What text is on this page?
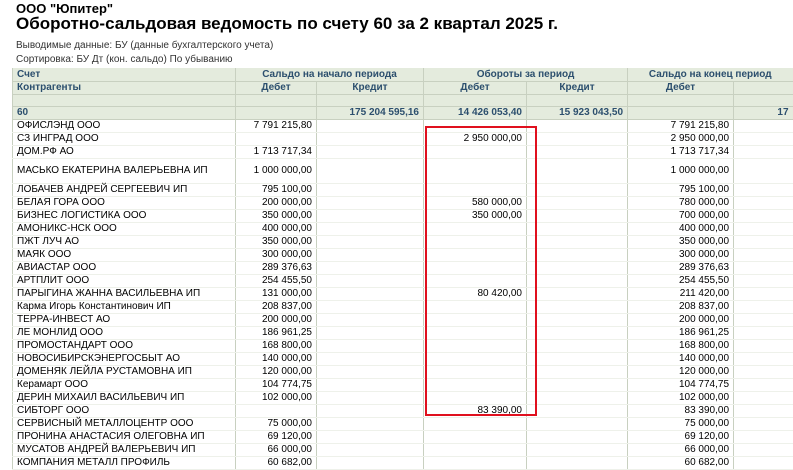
ООО "Юпитер"
Оборотно-сальдовая ведомость по счету 60 за 2 квартал 2025 г.
Выводимые данные: БУ (данные бухгалтерского учета)
Сортировка: БУ Дт (кон. сальдо) По убыванию
Счет	Сальдо на начало периода		Обороты за период		Сальдо на конец период	
Контрагенты	Дебет	Кредит	Дебет	Кредит	Дебет	

60		175 204 595,16	14 426 053,40	15 923 043,50		17
ОФИСЛЭНД ООО	7 791 215,80				7 791 215,80	
СЗ ИНГРАД ООО			2 950 000,00		2 950 000,00	
ДОМ.РФ АО	1 713 717,34				1 713 717,34	
МАСЬКО ЕКАТЕРИНА ВАЛЕРЬЕВНА ИП	1 000 000,00				1 000 000,00	
ЛОБАЧЕВ АНДРЕЙ СЕРГЕЕВИЧ ИП	795 100,00				795 100,00	
БЕЛАЯ ГОРА ООО	200 000,00		580 000,00		780 000,00	
БИЗНЕС ЛОГИСТИКА ООО	350 000,00		350 000,00		700 000,00	
АМОНИКС-НСК ООО	400 000,00				400 000,00	
ПЖТ ЛУЧ АО	350 000,00				350 000,00	
МАЯК ООО	300 000,00				300 000,00	
АВИАСТАР ООО	289 376,63				289 376,63	
АРТПЛИТ ООО	254 455,50				254 455,50	
ПАРЫГИНА ЖАННА ВАСИЛЬЕВНА ИП	131 000,00		80 420,00		211 420,00	
Карма Игорь Константинович ИП	208 837,00				208 837,00	
ТЕРРА-ИНВЕСТ АО	200 000,00				200 000,00	
ЛЕ МОНЛИД ООО	186 961,25				186 961,25	
ПРОМОСТАНДАРТ ООО	168 800,00				168 800,00	
НОВОСИБИРСКЭНЕРГОСБЫТ АО	140 000,00				140 000,00	
ДОМЕНЯК ЛЕЙЛА РУСТАМОВНА ИП	120 000,00				120 000,00	
Керамарт ООО	104 774,75				104 774,75	
ДЕРИН МИХАИЛ ВАСИЛЬЕВИЧ ИП	102 000,00				102 000,00	
СИБТОРГ ООО			83 390,00		83 390,00	
СЕРВИСНЫЙ МЕТАЛЛОЦЕНТР ООО	75 000,00				75 000,00	
ПРОНИНА АНАСТАСИЯ ОЛЕГОВНА ИП	69 120,00				69 120,00	
МУСАТОВ АНДРЕЙ ВАЛЕРЬЕВИЧ ИП	66 000,00				66 000,00	
КОМПАНИЯ МЕТАЛЛ ПРОФИЛЬ	60 682,00				60 682,00	
